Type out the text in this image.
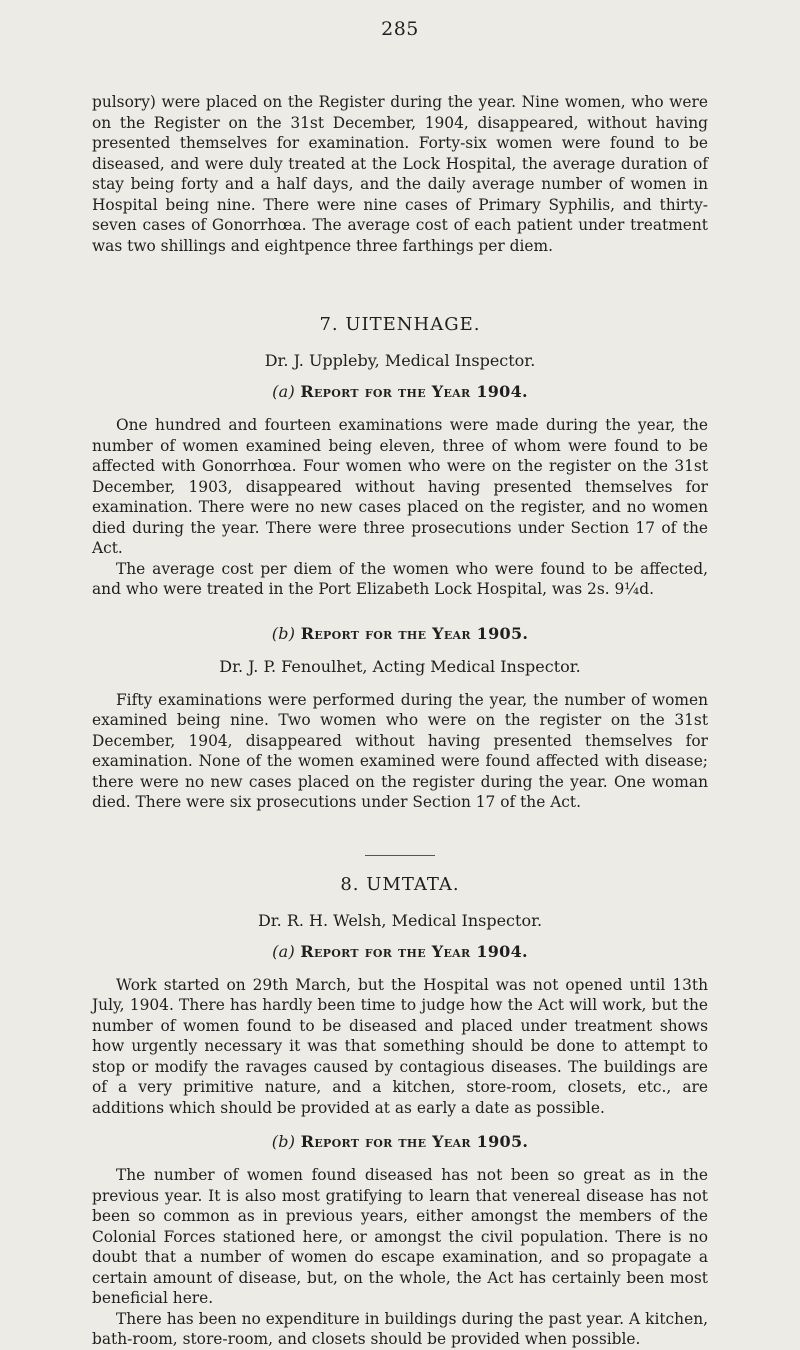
285

pulsory) were placed on the Register during the year. Nine women, who were on the Register on the 31st December, 1904, disappeared, without having presented themselves for examination. Forty-six women were found to be diseased, and were duly treated at the Lock Hospital, the average duration of stay being forty and a half days, and the daily average number of women in Hospital being nine. There were nine cases of Primary Syphilis, and thirty-seven cases of Gonorrhœa. The average cost of each patient under treatment was two shillings and eightpence three farthings per diem.

7. UITENHAGE.
Dr. J. Uppleby, Medical Inspector.
(a) Report for the Year 1904.

One hundred and fourteen examinations were made during the year, the number of women examined being eleven, three of whom were found to be affected with Gonorrhœa. Four women who were on the register on the 31st December, 1903, disappeared without having presented themselves for examination. There were no new cases placed on the register, and no women died during the year. There were three prosecutions under Section 17 of the Act.

The average cost per diem of the women who were found to be affected, and who were treated in the Port Elizabeth Lock Hospital, was 2s. 9¼d.

(b) Report for the Year 1905.
Dr. J. P. Fenoulhet, Acting Medical Inspector.

Fifty examinations were performed during the year, the number of women examined being nine. Two women who were on the register on the 31st December, 1904, disappeared without having presented themselves for examination. None of the women examined were found affected with disease; there were no new cases placed on the register during the year. One woman died. There were six prosecutions under Section 17 of the Act.

8. UMTATA.
Dr. R. H. Welsh, Medical Inspector.
(a) Report for the Year 1904.

Work started on 29th March, but the Hospital was not opened until 13th July, 1904. There has hardly been time to judge how the Act will work, but the number of women found to be diseased and placed under treatment shows how urgently necessary it was that something should be done to attempt to stop or modify the ravages caused by contagious diseases. The buildings are of a very primitive nature, and a kitchen, store-room, closets, etc., are additions which should be provided at as early a date as possible.

(b) Report for the Year 1905.

The number of women found diseased has not been so great as in the previous year. It is also most gratifying to learn that venereal disease has not been so common as in previous years, either amongst the members of the Colonial Forces stationed here, or amongst the civil population. There is no doubt that a number of women do escape examination, and so propagate a certain amount of disease, but, on the whole, the Act has certainly been most beneficial here.

There has been no expenditure in buildings during the past year. A kitchen, bath-room, store-room, and closets should be provided when possible.
